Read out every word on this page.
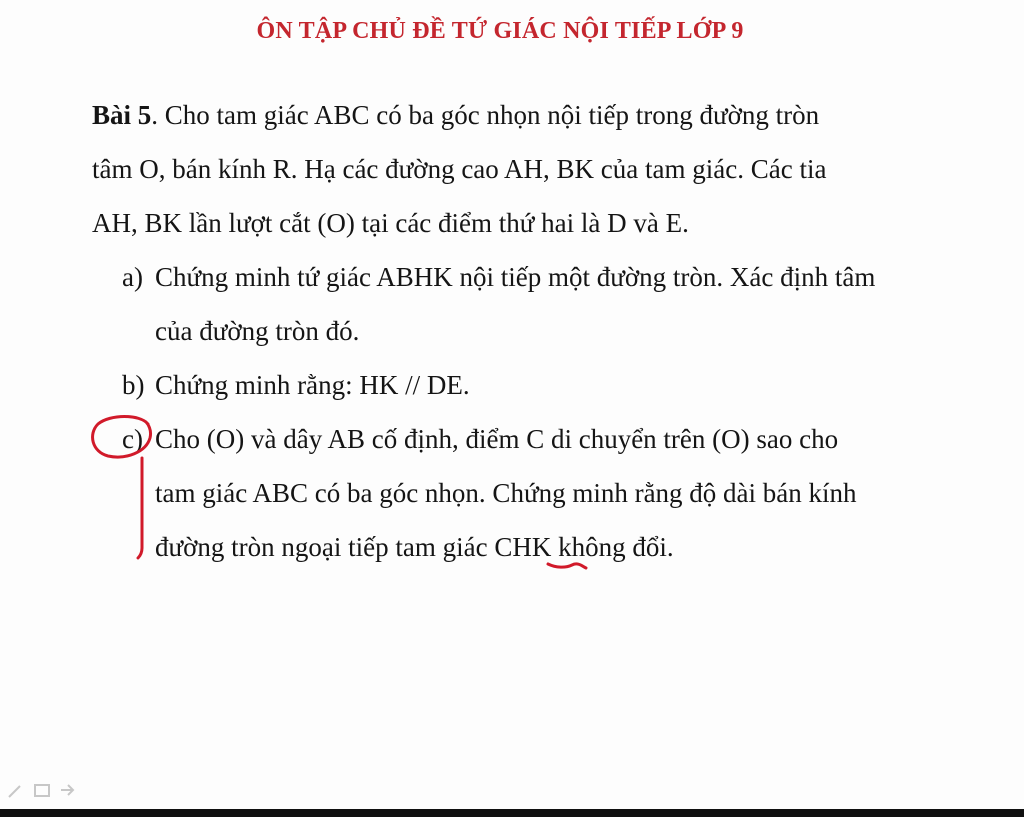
ÔN TẬP CHỦ ĐỀ TỨ GIÁC NỘI TIẾP LỚP 9
Bài 5. Cho tam giác ABC có ba góc nhọn nội tiếp trong đường tròn
tâm O, bán kính R. Hạ các đường cao AH, BK của tam giác. Các tia
AH, BK lần lượt cắt (O) tại các điểm thứ hai là D và E.
a) Chứng minh tứ giác ABHK nội tiếp một đường tròn. Xác định tâm
của đường tròn đó.
b) Chứng minh rằng: HK // DE.
c) Cho (O) và dây AB cố định, điểm C di chuyển trên (O) sao cho
tam giác ABC có ba góc nhọn. Chứng minh rằng độ dài bán kính
đường tròn ngoại tiếp tam giác CHK không đổi.
